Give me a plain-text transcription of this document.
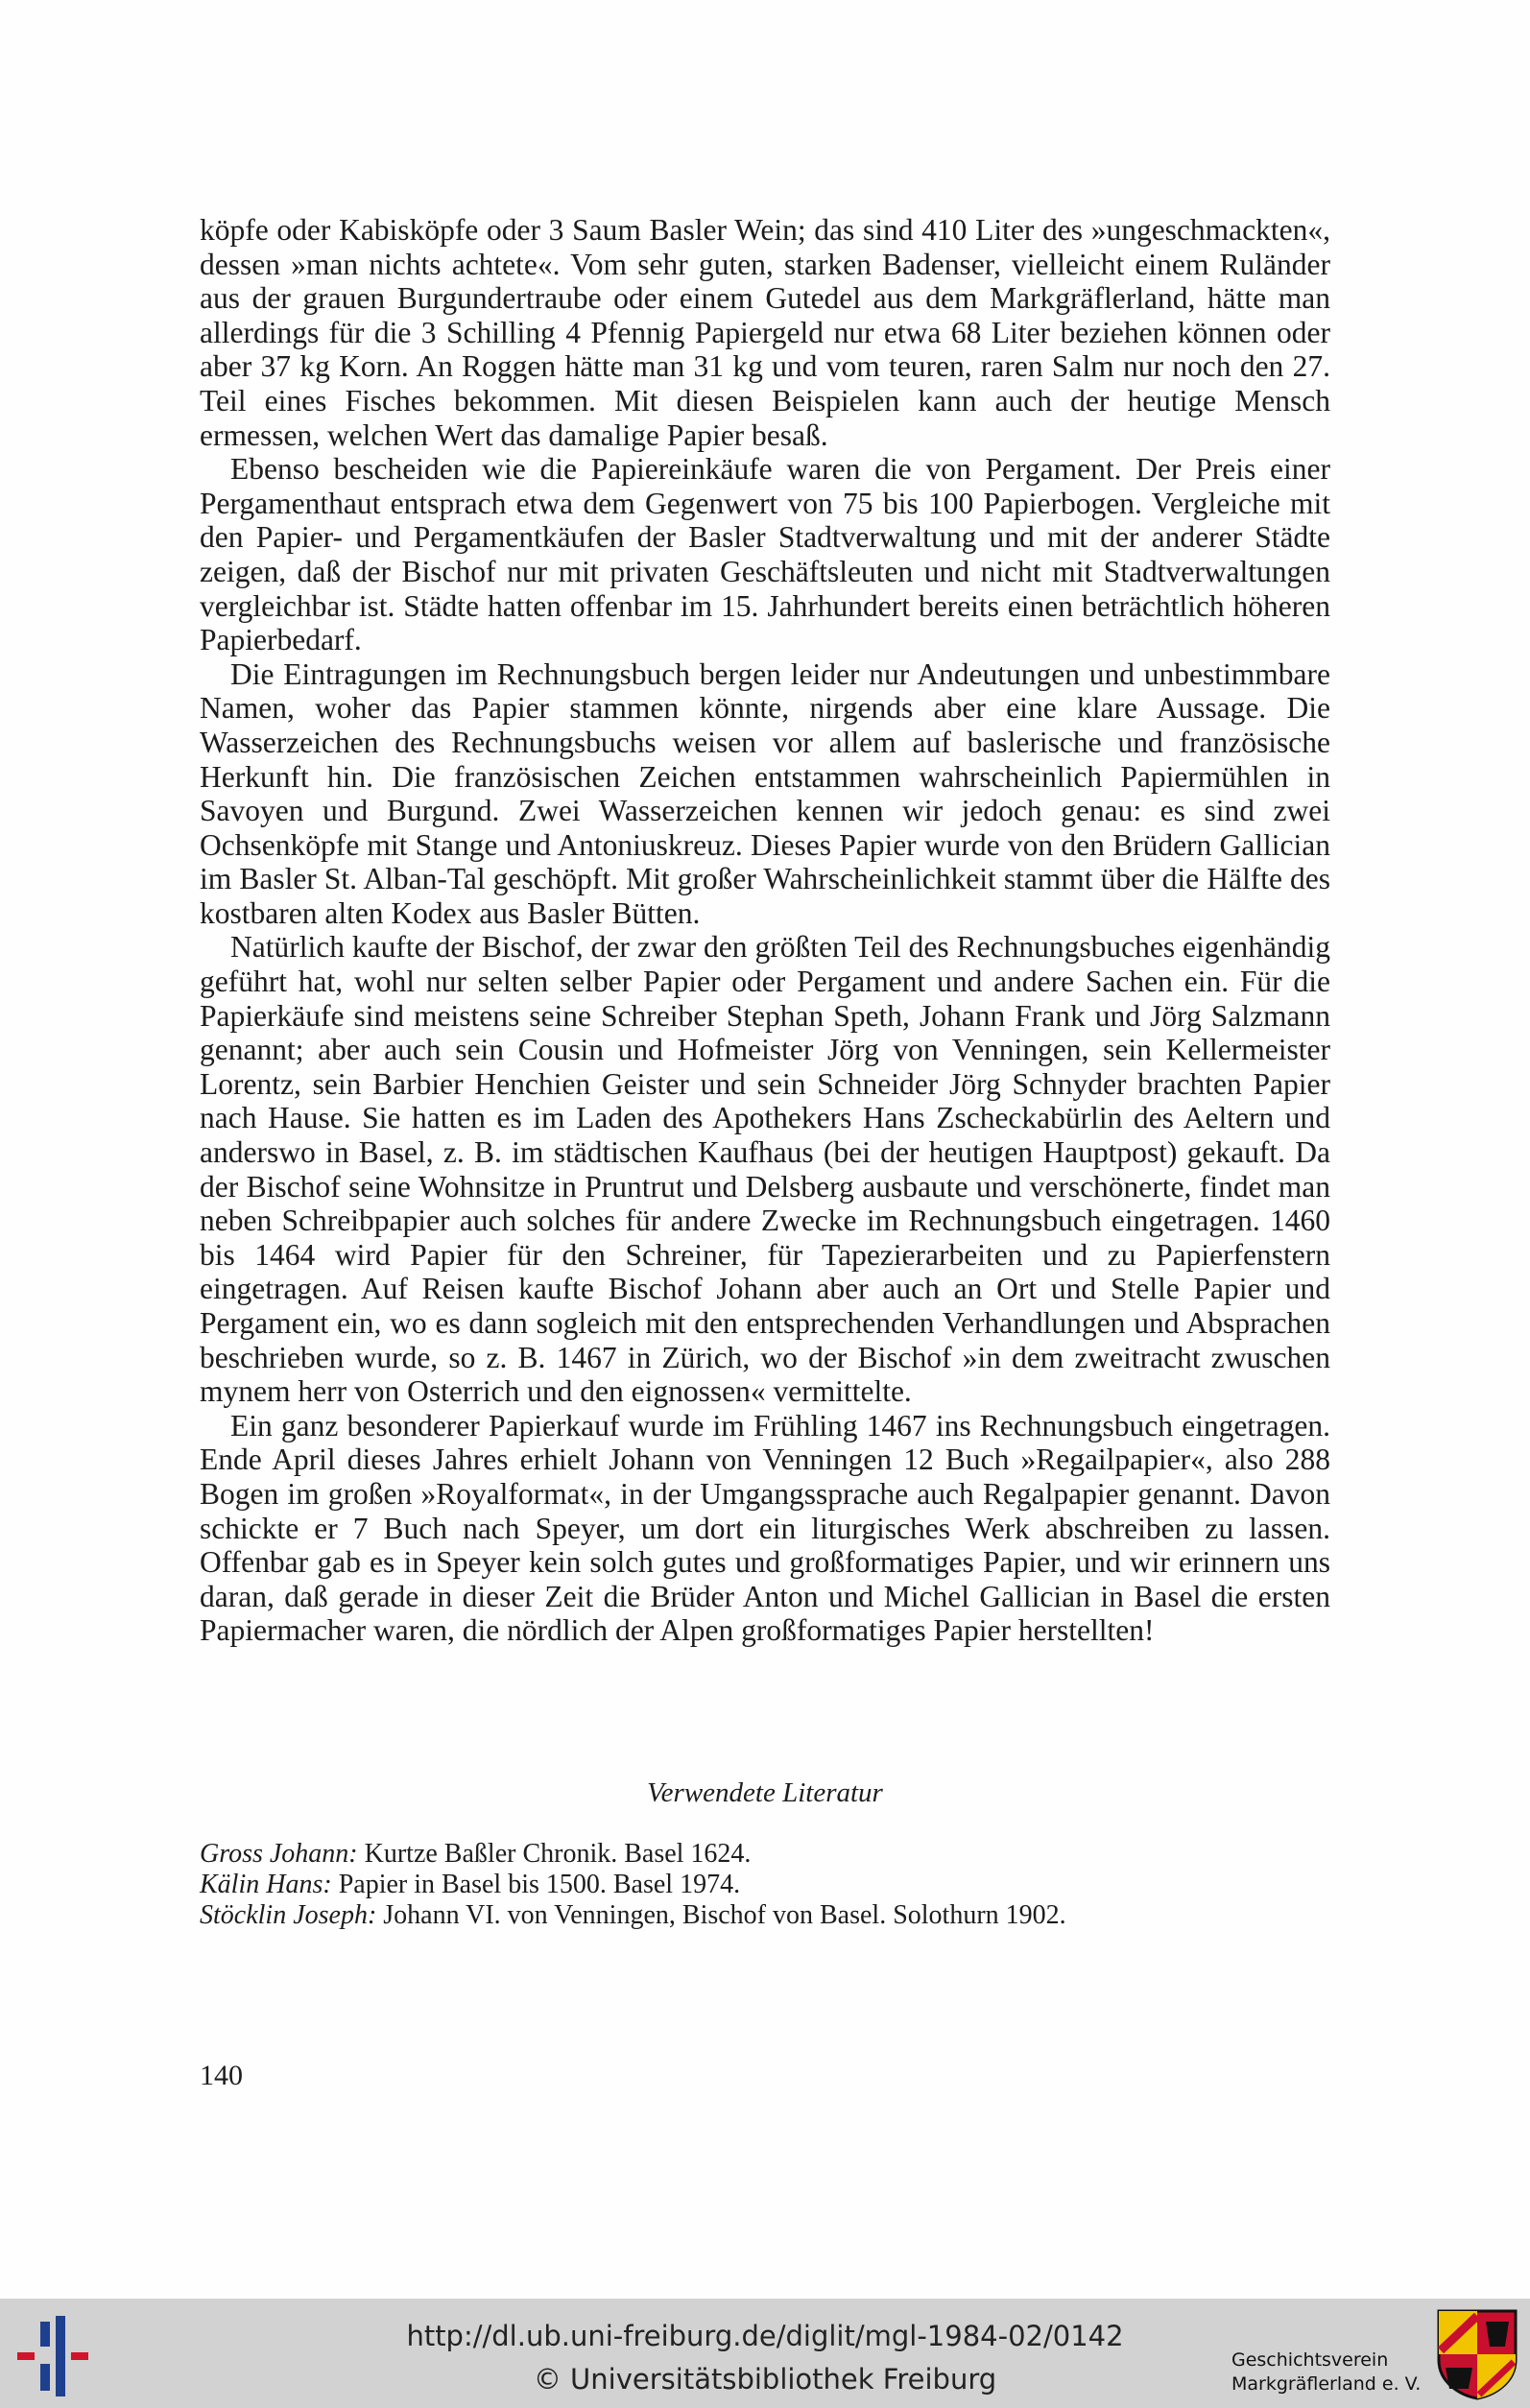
köpfe oder Kabisköpfe oder 3 Saum Basler Wein; das sind 410 Liter des »ungeschmackten«, dessen »man nichts achtete«. Vom sehr guten, starken Badenser, vielleicht einem Ruländer aus der grauen Burgundertraube oder einem Gutedel aus dem Markgräflerland, hätte man allerdings für die 3 Schilling 4 Pfennig Papiergeld nur etwa 68 Liter beziehen können oder aber 37 kg Korn. An Roggen hätte man 31 kg und vom teuren, raren Salm nur noch den 27. Teil eines Fisches bekommen. Mit diesen Beispielen kann auch der heutige Mensch ermessen, welchen Wert das damalige Papier besaß.

Ebenso bescheiden wie die Papiereinkäufe waren die von Pergament. Der Preis einer Pergamenthaut entsprach etwa dem Gegenwert von 75 bis 100 Papierbogen. Vergleiche mit den Papier- und Pergamentkäufen der Basler Stadtverwaltung und mit der anderer Städte zeigen, daß der Bischof nur mit privaten Geschäftsleuten und nicht mit Stadtverwaltungen vergleichbar ist. Städte hatten offenbar im 15. Jahrhundert bereits einen beträchtlich höheren Papierbedarf.

Die Eintragungen im Rechnungsbuch bergen leider nur Andeutungen und unbestimmbare Namen, woher das Papier stammen könnte, nirgends aber eine klare Aussage. Die Wasserzeichen des Rechnungsbuchs weisen vor allem auf baslerische und französische Herkunft hin. Die französischen Zeichen entstammen wahrscheinlich Papiermühlen in Savoyen und Burgund. Zwei Wasserzeichen kennen wir jedoch genau: es sind zwei Ochsenköpfe mit Stange und Antoniuskreuz. Dieses Papier wurde von den Brüdern Gallician im Basler St. Alban-Tal geschöpft. Mit großer Wahrscheinlichkeit stammt über die Hälfte des kostbaren alten Kodex aus Basler Bütten.

Natürlich kaufte der Bischof, der zwar den größten Teil des Rechnungsbuches eigenhändig geführt hat, wohl nur selten selber Papier oder Pergament und andere Sachen ein. Für die Papierkäufe sind meistens seine Schreiber Stephan Speth, Johann Frank und Jörg Salzmann genannt; aber auch sein Cousin und Hofmeister Jörg von Venningen, sein Kellermeister Lorentz, sein Barbier Henchien Geister und sein Schneider Jörg Schnyder brachten Papier nach Hause. Sie hatten es im Laden des Apothekers Hans Zscheckabürlin des Aeltern und anderswo in Basel, z. B. im städtischen Kaufhaus (bei der heutigen Hauptpost) gekauft. Da der Bischof seine Wohnsitze in Pruntrut und Delsberg ausbaute und verschönerte, findet man neben Schreibpapier auch solches für andere Zwecke im Rechnungsbuch eingetragen. 1460 bis 1464 wird Papier für den Schreiner, für Tapezierarbeiten und zu Papierfenstern eingetragen. Auf Reisen kaufte Bischof Johann aber auch an Ort und Stelle Papier und Pergament ein, wo es dann sogleich mit den entsprechenden Verhandlungen und Absprachen beschrieben wurde, so z. B. 1467 in Zürich, wo der Bischof »in dem zweitracht zwuschen mynem herr von Osterrich und den eignossen« vermittelte.

Ein ganz besonderer Papierkauf wurde im Frühling 1467 ins Rechnungsbuch eingetragen. Ende April dieses Jahres erhielt Johann von Venningen 12 Buch »Regailpapier«, also 288 Bogen im großen »Royalformat«, in der Umgangssprache auch Regalpapier genannt. Davon schickte er 7 Buch nach Speyer, um dort ein liturgisches Werk abschreiben zu lassen. Offenbar gab es in Speyer kein solch gutes und großformatiges Papier, und wir erinnern uns daran, daß gerade in dieser Zeit die Brüder Anton und Michel Gallician in Basel die ersten Papiermacher waren, die nördlich der Alpen großformatiges Papier herstellten!

Verwendete Literatur

Gross Johann: Kurtze Baßler Chronik. Basel 1624.

Kälin Hans: Papier in Basel bis 1500. Basel 1974.

Stöcklin Joseph: Johann VI. von Venningen, Bischof von Basel. Solothurn 1902.

140
http://dl.ub.uni-freiburg.de/diglit/mgl-1984-02/0142
© Universitätsbibliothek Freiburg
Geschichtsverein
Markgräflerland e. V.
